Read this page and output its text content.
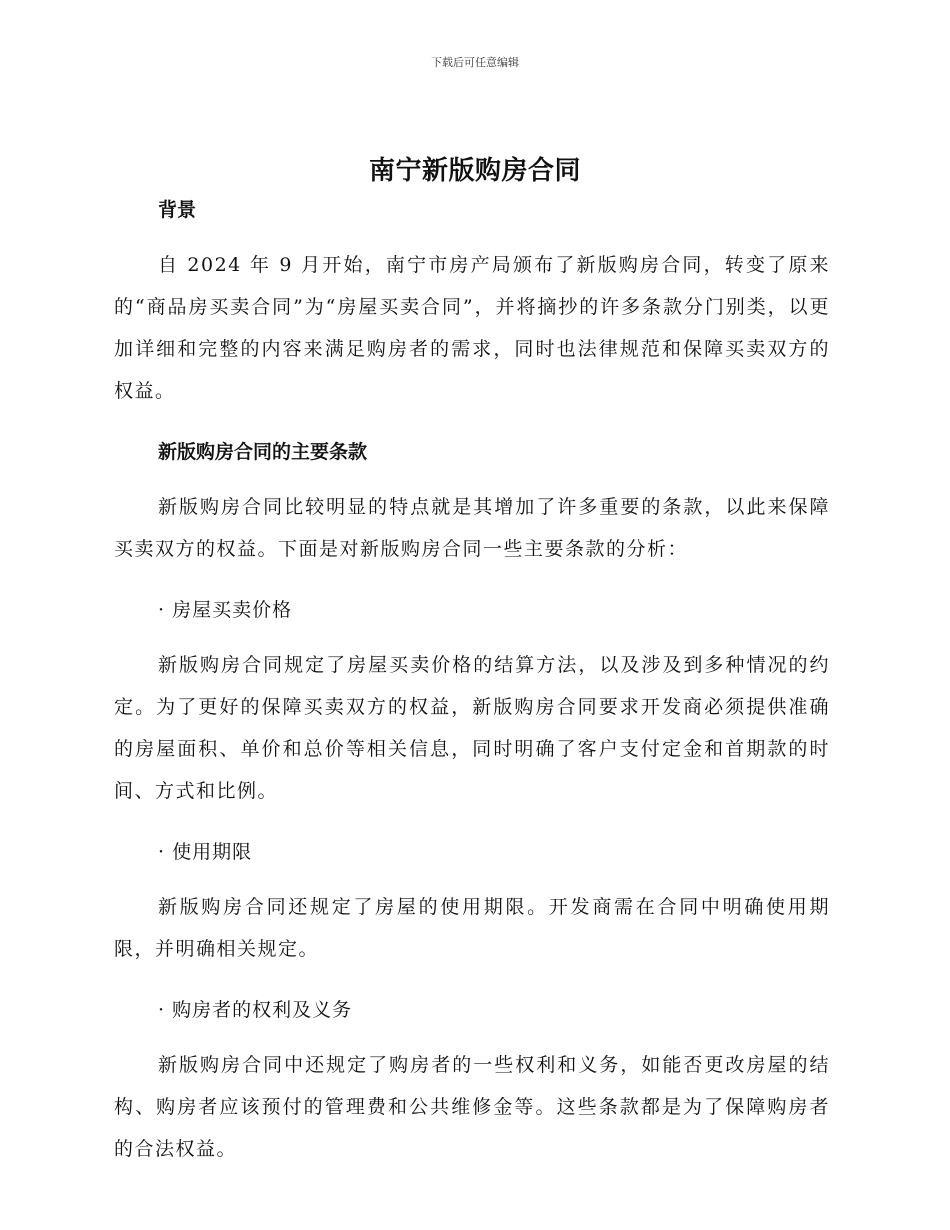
下载后可任意编辑
南宁新版购房合同
背景

自 2024 年 9 月开始，南宁市房产局颁布了新版购房合同，转变了原来的“商品房买卖合同”为“房屋买卖合同”，并将摘抄的许多条款分门别类，以更加详细和完整的内容来满足购房者的需求，同时也法律规范和保障买卖双方的权益。

新版购房合同的主要条款

新版购房合同比较明显的特点就是其增加了许多重要的条款，以此来保障买卖双方的权益。下面是对新版购房合同一些主要条款的分析：

· 房屋买卖价格

新版购房合同规定了房屋买卖价格的结算方法，以及涉及到多种情况的约定。为了更好的保障买卖双方的权益，新版购房合同要求开发商必须提供准确的房屋面积、单价和总价等相关信息，同时明确了客户支付定金和首期款的时间、方式和比例。

· 使用期限

新版购房合同还规定了房屋的使用期限。开发商需在合同中明确使用期限，并明确相关规定。

· 购房者的权利及义务

新版购房合同中还规定了购房者的一些权利和义务，如能否更改房屋的结构、购房者应该预付的管理费和公共维修金等。这些条款都是为了保障购房者的合法权益。
